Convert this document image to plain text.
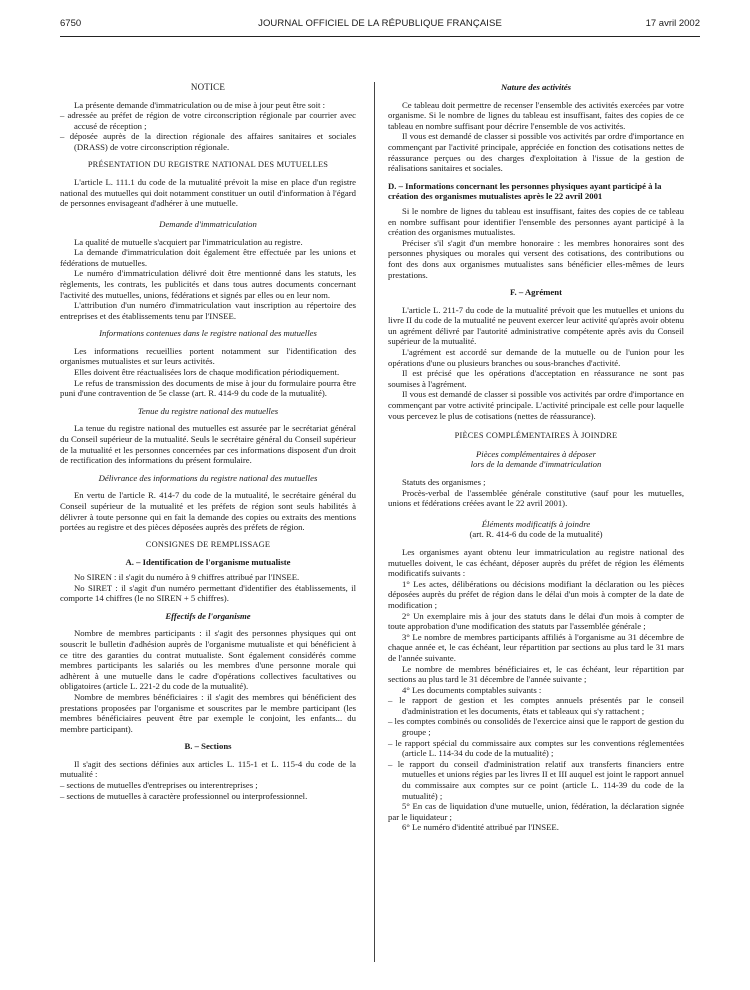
6750	JOURNAL OFFICIEL DE LA RÉPUBLIQUE FRANÇAISE	17 avril 2002
NOTICE

La présente demande d'immatriculation ou de mise à jour peut être soit :

– adressée au préfet de région de votre circonscription régionale par courrier avec accusé de réception ;

– déposée auprès de la direction régionale des affaires sanitaires et sociales (DRASS) de votre circonscription régionale.

PRÉSENTATION DU REGISTRE NATIONAL DES MUTUELLES

L'article L. 111.1 du code de la mutualité prévoit la mise en place d'un registre national des mutuelles qui doit notamment constituer un outil d'information à l'égard de personnes envisageant d'adhérer à une mutuelle.

Demande d'immatriculation

La qualité de mutuelle s'acquiert par l'immatriculation au registre.

La demande d'immatriculation doit également être effectuée par les unions et fédérations de mutuelles.

Le numéro d'immatriculation délivré doit être mentionné dans les statuts, les règlements, les contrats, les publicités et dans tous autres documents concernant l'activité des mutuelles, unions, fédérations et signés par elles ou en leur nom.

L'attribution d'un numéro d'immatriculation vaut inscription au répertoire des entreprises et des établissements tenu par l'INSEE.

Informations contenues dans le registre national des mutuelles

Les informations recueillies portent notamment sur l'identification des organismes mutualistes et sur leurs activités.

Elles doivent être réactualisées lors de chaque modification périodiquement.

Le refus de transmission des documents de mise à jour du formulaire pourra être puni d'une contravention de 5e classe (art. R. 414-9 du code de la mutualité).

Tenue du registre national des mutuelles

La tenue du registre national des mutuelles est assurée par le secrétariat général du Conseil supérieur de la mutualité. Seuls le secrétaire général du Conseil supérieur de la mutualité et les personnes concernées par ces informations disposent d'un droit de rectification des informations du présent formulaire.

Délivrance des informations du registre national des mutuelles

En vertu de l'article R. 414-7 du code de la mutualité, le secrétaire général du Conseil supérieur de la mutualité et les préfets de région sont seuls habilités à délivrer à toute personne qui en fait la demande des copies ou extraits des mentions portées au registre et des pièces déposées auprès des préfets de région.

CONSIGNES DE REMPLISSAGE
A. – Identification de l'organisme mutualiste

No SIREN : il s'agit du numéro à 9 chiffres attribué par l'INSEE.

No SIRET : il s'agit d'un numéro permettant d'identifier des établissements, il comporte 14 chiffres (le no SIREN + 5 chiffres).

Effectifs de l'organisme

Nombre de membres participants : il s'agit des personnes physiques qui ont souscrit le bulletin d'adhésion auprès de l'organisme mutualiste et qui bénéficient à ce titre des garanties du contrat mutualiste. Sont également considérés comme membres participants les salariés ou les membres d'une personne morale qui adhèrent à une mutuelle dans le cadre d'opérations collectives facultatives ou obligatoires (article L. 221-2 du code de la mutualité).

Nombre de membres bénéficiaires : il s'agit des membres qui bénéficient des prestations proposées par l'organisme et souscrites par le membre participant (les membres bénéficiaires peuvent être par exemple le conjoint, les enfants... du membre participant).

B. – Sections

Il s'agit des sections définies aux articles L. 115-1 et L. 115-4 du code de la mutualité :

– sections de mutuelles d'entreprises ou interentreprises ;

– sections de mutuelles à caractère professionnel ou interprofessionnel.

Nature des activités

Ce tableau doit permettre de recenser l'ensemble des activités exercées par votre organisme. Si le nombre de lignes du tableau est insuffisant, faites des copies de ce tableau en nombre suffisant pour décrire l'ensemble de vos activités.

Il vous est demandé de classer si possible vos activités par ordre d'importance en commençant par l'activité principale, appréciée en fonction des cotisations nettes de réassurance perçues ou des charges d'exploitation à l'issue de la gestion de réalisations sanitaires et sociales.

D. – Informations concernant les personnes physiques ayant participé à la création des organismes mutualistes après le 22 avril 2001

Si le nombre de lignes du tableau est insuffisant, faites des copies de ce tableau en nombre suffisant pour identifier l'ensemble des personnes ayant participé à la création des organismes mutualistes.

Préciser s'il s'agit d'un membre honoraire : les membres honoraires sont des personnes physiques ou morales qui versent des cotisations, des contributions ou font des dons aux organismes mutualistes sans bénéficier elles-mêmes de leurs prestations.

F. – Agrément

L'article L. 211-7 du code de la mutualité prévoit que les mutuelles et unions du livre II du code de la mutualité ne peuvent exercer leur activité qu'après avoir obtenu un agrément délivré par l'autorité administrative compétente après avis du Conseil supérieur de la mutualité.

L'agrément est accordé sur demande de la mutuelle ou de l'union pour les opérations d'une ou plusieurs branches ou sous-branches d'activité.

Il est précisé que les opérations d'acceptation en réassurance ne sont pas soumises à l'agrément.

Il vous est demandé de classer si possible vos activités par ordre d'importance en commençant par votre activité principale. L'activité principale est celle pour laquelle vous percevez le plus de cotisations (nettes de réassurance).

PIÈCES COMPLÉMENTAIRES À JOINDRE
Pièces complémentaires à déposer
lors de la demande d'immatriculation

Statuts des organismes ;

Procès-verbal de l'assemblée générale constitutive (sauf pour les mutuelles, unions et fédérations créées avant le 22 avril 2001).

Éléments modificatifs à joindre
(art. R. 414-6 du code de la mutualité)

Les organismes ayant obtenu leur immatriculation au registre national des mutuelles doivent, le cas échéant, déposer auprès du préfet de région les éléments modificatifs suivants :

1° Les actes, délibérations ou décisions modifiant la déclaration ou les pièces déposées auprès du préfet de région dans le délai d'un mois à compter de la date de modification ;

2° Un exemplaire mis à jour des statuts dans le délai d'un mois à compter de toute approbation d'une modification des statuts par l'assemblée générale ;

3° Le nombre de membres participants affiliés à l'organisme au 31 décembre de chaque année et, le cas échéant, leur répartition par sections au plus tard le 31 mars de l'année suivante.

Le nombre de membres bénéficiaires et, le cas échéant, leur répartition par sections au plus tard le 31 décembre de l'année suivante ;

4° Les documents comptables suivants :

– le rapport de gestion et les comptes annuels présentés par le conseil d'administration et les documents, états et tableaux qui s'y rattachent ;

– les comptes combinés ou consolidés de l'exercice ainsi que le rapport de gestion du groupe ;

– le rapport spécial du commissaire aux comptes sur les conventions réglementées (article L. 114-34 du code de la mutualité) ;

– le rapport du conseil d'administration relatif aux transferts financiers entre mutuelles et unions régies par les livres II et III auquel est joint le rapport annuel du commissaire aux comptes sur ce point (article L. 114-39 du code de la mutualité) ;

5° En cas de liquidation d'une mutuelle, union, fédération, la déclaration signée par le liquidateur ;

6° Le numéro d'identité attribué par l'INSEE.
